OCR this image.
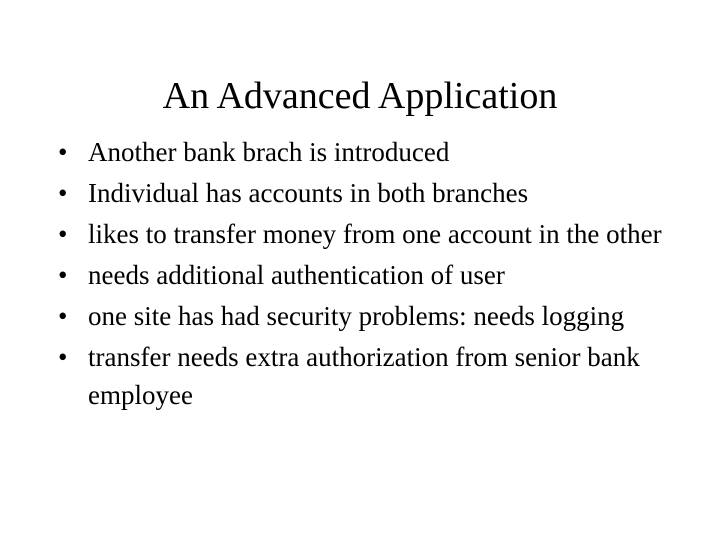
An Advanced Application
• Another bank brach is introduced
• Individual has accounts in both branches
• likes to transfer money from one account in the other
• needs additional authentication of user
• one site has had security problems: needs logging
• transfer needs extra authorization from senior bank employee
